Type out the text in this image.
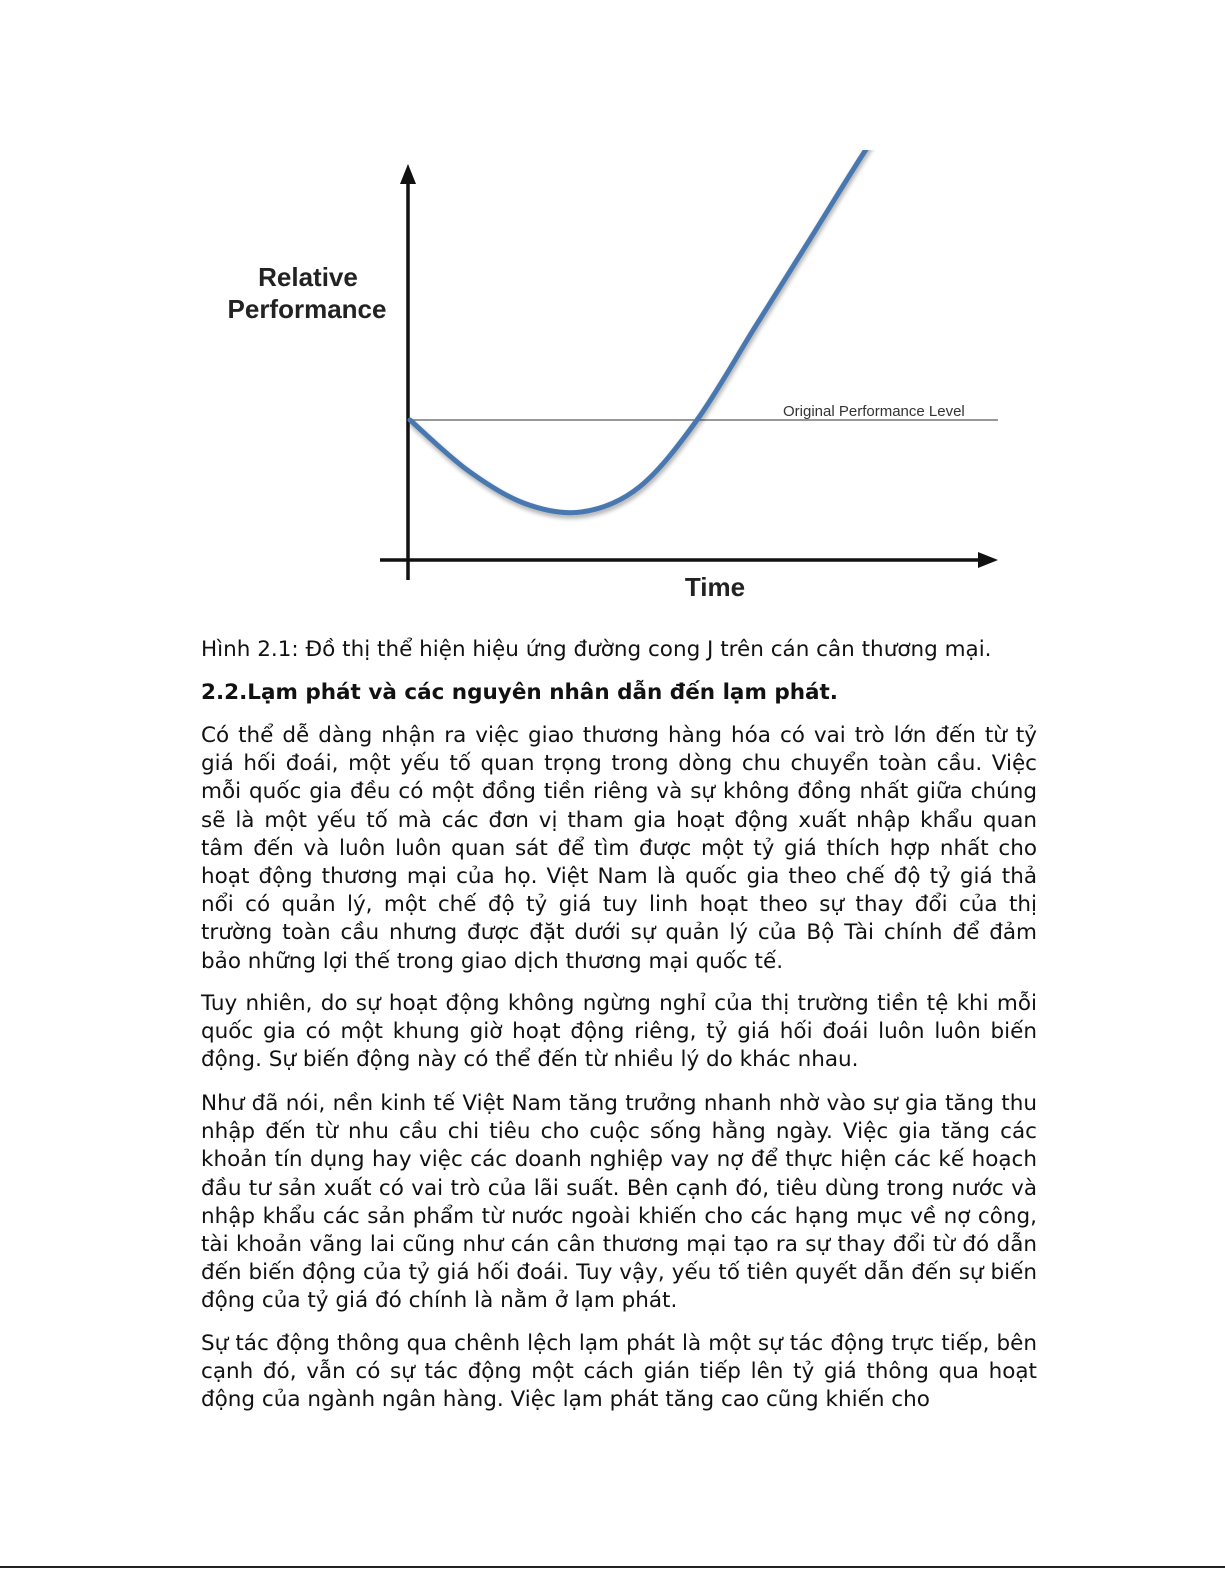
Original Performance Level
Relative
Performance
Time
Hình 2.1: Đồ thị thể hiện hiệu ứng đường cong J trên cán cân thương mại.
2.2.Lạm phát và các nguyên nhân dẫn đến lạm phát.

Có thể dễ dàng nhận ra việc giao thương hàng hóa có vai trò lớn đến từ tỷ giá hối đoái, một yếu tố quan trọng trong dòng chu chuyển toàn cầu. Việc mỗi quốc gia đều có một đồng tiền riêng và sự không đồng nhất giữa chúng sẽ là một yếu tố mà các đơn vị tham gia hoạt động xuất nhập khẩu quan tâm đến và luôn luôn quan sát để tìm được một tỷ giá thích hợp nhất cho hoạt động thương mại của họ. Việt Nam là quốc gia theo chế độ tỷ giá thả nổi có quản lý, một chế độ tỷ giá tuy linh hoạt theo sự thay đổi của thị trường toàn cầu nhưng được đặt dưới sự quản lý của Bộ Tài chính để đảm bảo những lợi thế trong giao dịch thương mại quốc tế.

Tuy nhiên, do sự hoạt động không ngừng nghỉ của thị trường tiền tệ khi mỗi quốc gia có một khung giờ hoạt động riêng, tỷ giá hối đoái luôn luôn biến động. Sự biến động này có thể đến từ nhiều lý do khác nhau.

Như đã nói, nền kinh tế Việt Nam tăng trưởng nhanh nhờ vào sự gia tăng thu nhập đến từ nhu cầu chi tiêu cho cuộc sống hằng ngày. Việc gia tăng các khoản tín dụng hay việc các doanh nghiệp vay nợ để thực hiện các kế hoạch đầu tư sản xuất có vai trò của lãi suất. Bên cạnh đó, tiêu dùng trong nước và nhập khẩu các sản phẩm từ nước ngoài khiến cho các hạng mục về nợ công, tài khoản vãng lai cũng như cán cân thương mại tạo ra sự thay đổi từ đó dẫn đến biến động của tỷ giá hối đoái. Tuy vậy, yếu tố tiên quyết dẫn đến sự biến động của tỷ giá đó chính là nằm ở lạm phát.

Sự tác động thông qua chênh lệch lạm phát là một sự tác động trực tiếp, bên cạnh đó, vẫn có sự tác động một cách gián tiếp lên tỷ giá thông qua hoạt động của ngành ngân hàng. Việc lạm phát tăng cao cũng khiến cho
